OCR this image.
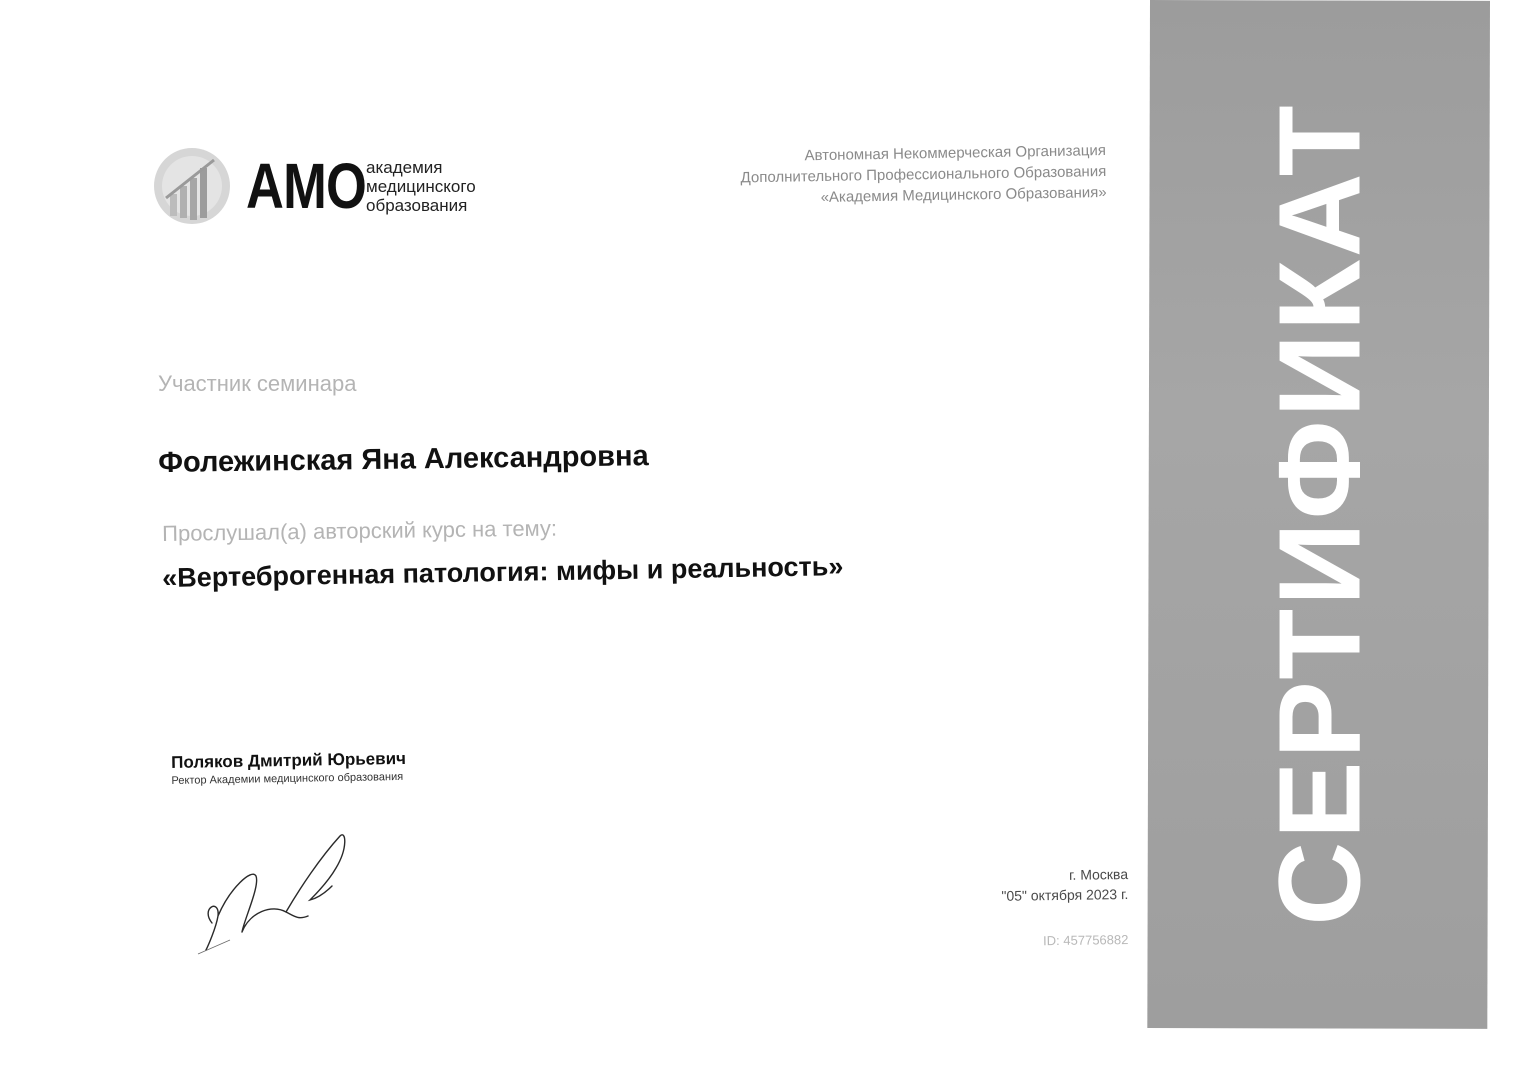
СЕРТИФИКАТ
АМО академия
медицинского
образования
Автономная Некоммерческая Организация
Дополнительного Профессионального Образования
«Академия Медицинского Образования»
Участник семинара
Фолежинская Яна Александровна
Прослушал(а) авторский курс на тему:
«Вертеброгенная патология: мифы и реальность»
Поляков Дмитрий Юрьевич
Ректор Академии медицинского образования
г. Москва
"05" октября 2023 г.
ID: 457756882
